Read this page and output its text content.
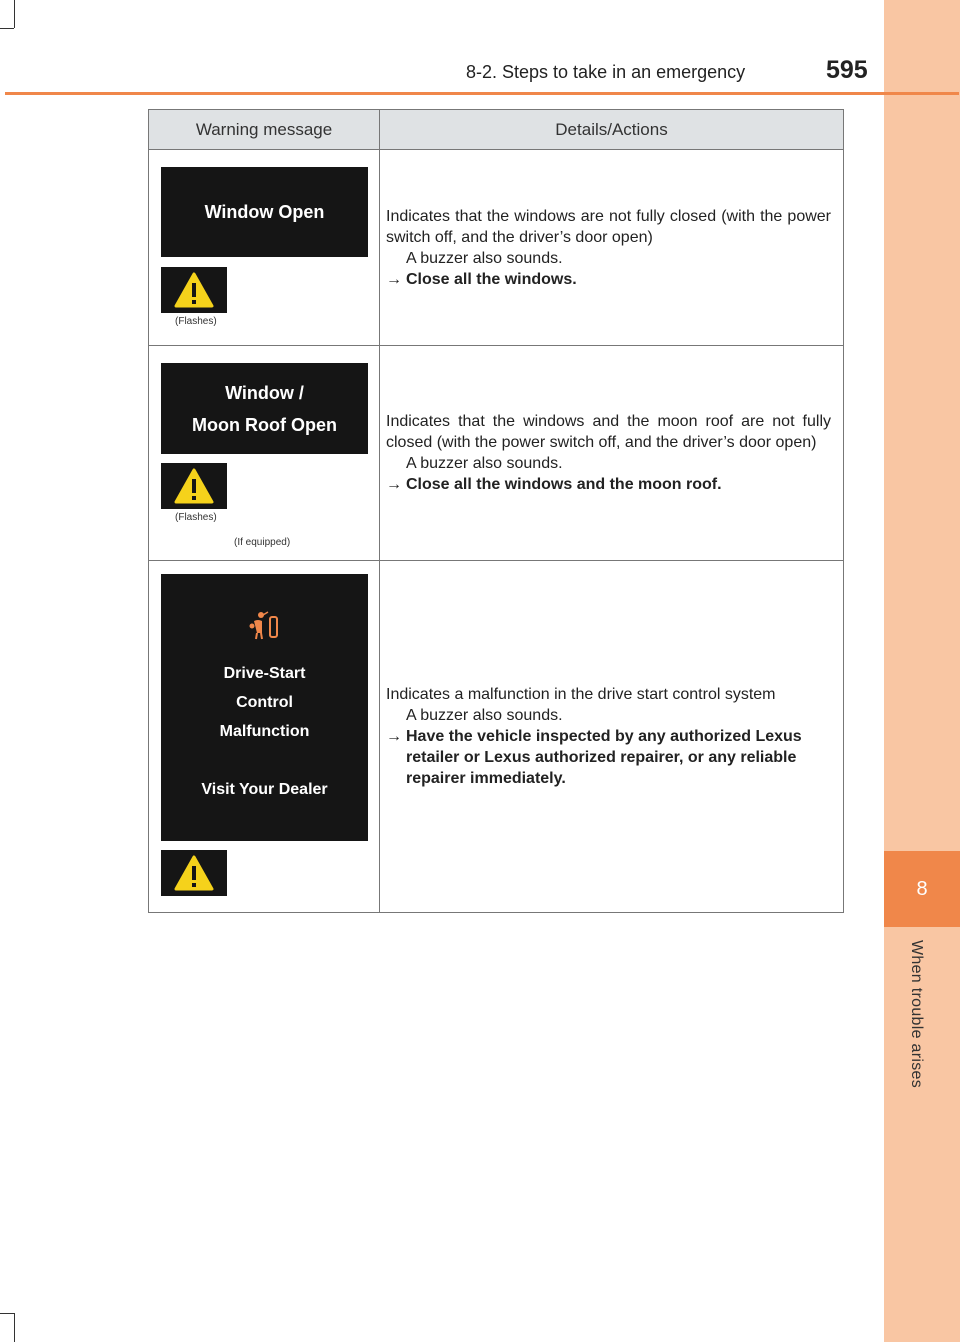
8
When trouble arises
8-2. Steps to take in an emergency	595
Warning message	Details/Actions
Window Open
(Flashes)
Indicates that the windows are not fully closed (with the power switch off, and the driver’s door open)
A buzzer also sounds.
→ Close all the windows.
Window /
Moon Roof Open
(Flashes)
(If equipped)
Indicates that the windows and the moon roof are not fully closed (with the power switch off, and the driver’s door open)
A buzzer also sounds.
→ Close all the windows and the moon roof.
Drive-Start
Control
Malfunction
Visit Your Dealer
Indicates a malfunction in the drive start control system
A buzzer also sounds.
→ Have the vehicle inspected by any authorized Lexus retailer or Lexus authorized repairer, or any reliable repairer immediately.
